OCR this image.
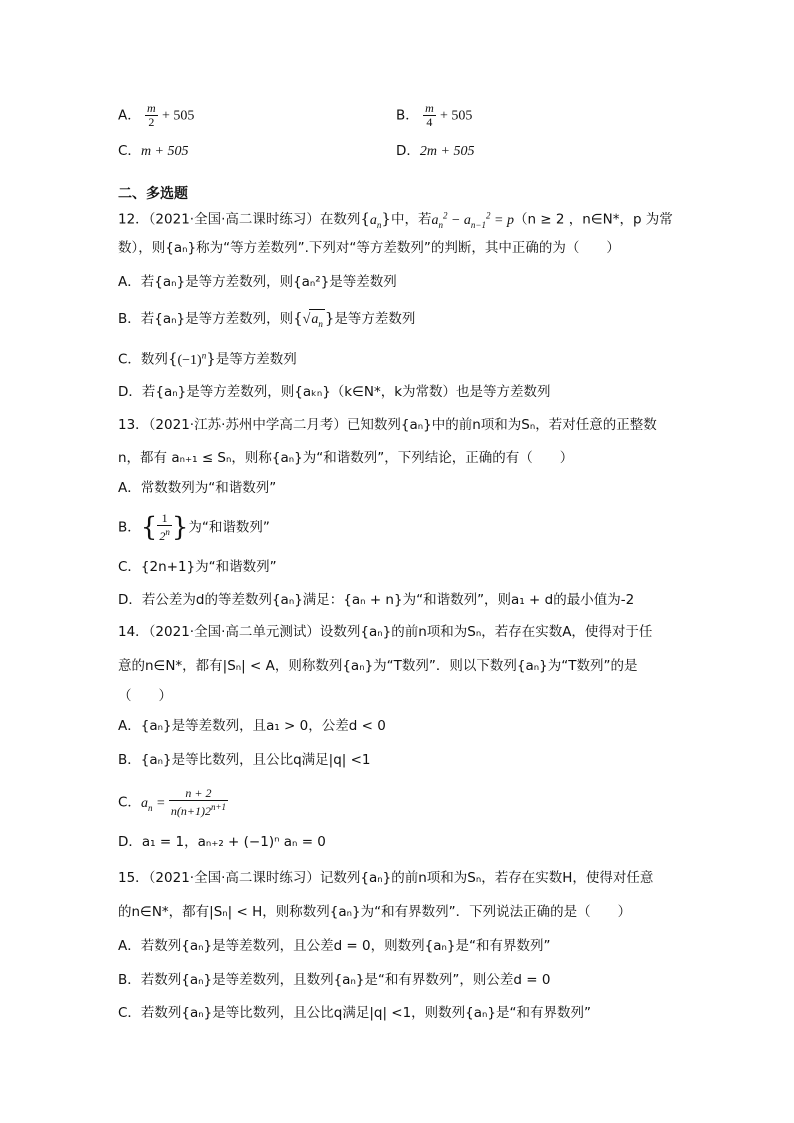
A． $\frac{m}{2} + 505$	B． $\frac{m}{4} + 505$
C．m + 505	D．2m + 505
二、多选题
12．（2021·全国·高二课时练习）在数列$\{a_n\}$中，若$a_n^2 - a_{n-1}^2 = p(n \ge 2$ ，n∈N*，p 为常
数），则{aₙ}称为“等方差数列”.下列对“等方差数列”的判断，其中正确的为（　　）
A．若{aₙ}是等方差数列，则{aₙ²}是等差数列
B．若{aₙ}是等方差数列，则{$√a_n$ }是等方差数列
C．数列$\{(-1)^n\}$是等方差数列
D．若{aₙ}是等方差数列，则{aₖₙ}（k∈N*，k为常数）也是等方差数列
13．（2021·江苏·苏州中学高二月考）已知数列{aₙ}中的前n项和为Sₙ，若对任意的正整数
n，都有 aₙ₊₁ ≤ Sₙ，则称{aₙ}为“和谐数列”，下列结论，正确的有（　　）
A．常数数列为“和谐数列”
B．{ $\frac{1}{2^n}$ }为“和谐数列”
C．{2n+1}为“和谐数列”
D．若公差为d的等差数列{aₙ}满足：{aₙ + n}为“和谐数列”，则a₁ + d的最小值为-2
14．（2021·全国·高二单元测试）设数列{aₙ}的前n项和为Sₙ，若存在实数A，使得对于任
意的n∈N*，都有|Sₙ| < A，则称数列{aₙ}为“T数列”．则以下数列{aₙ}为“T数列”的是
（　　）
A．{aₙ}是等差数列，且a₁ > 0，公差d < 0
B．{aₙ}是等比数列，且公比q满足|q| <1
C．$a_n = \frac{n + 2}{n(n+1)2^{n+1}}$
D．a₁ = 1，aₙ₊₂ + (−1)ⁿ aₙ = 0
15．（2021·全国·高二课时练习）记数列{aₙ}的前n项和为Sₙ，若存在实数H，使得对任意
的n∈N*，都有|Sₙ| < H，则称数列{aₙ}为“和有界数列”．下列说法正确的是（　　）
A．若数列{aₙ}是等差数列，且公差d = 0，则数列{aₙ}是“和有界数列”
B．若数列{aₙ}是等差数列，且数列{aₙ}是“和有界数列”，则公差d = 0
C．若数列{aₙ}是等比数列，且公比q满足|q| <1，则数列{aₙ}是“和有界数列”
